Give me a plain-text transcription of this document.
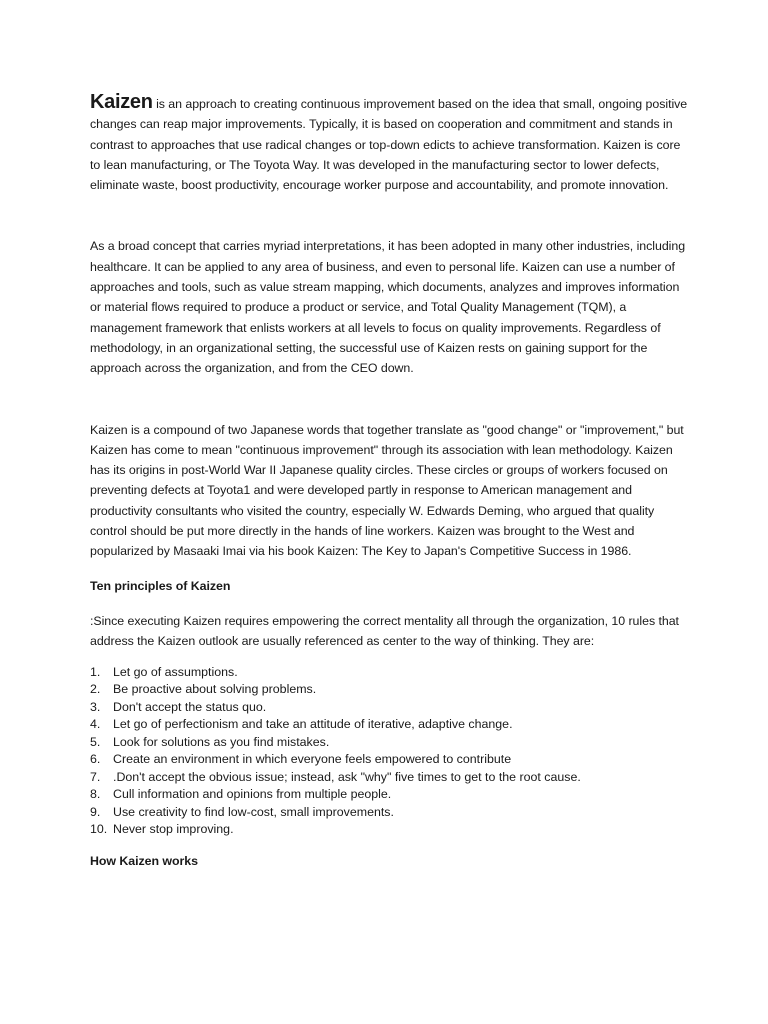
Kaizen is an approach to creating continuous improvement based on the idea that small, ongoing positive changes can reap major improvements. Typically, it is based on cooperation and commitment and stands in contrast to approaches that use radical changes or top-down edicts to achieve transformation. Kaizen is core to lean manufacturing, or The Toyota Way. It was developed in the manufacturing sector to lower defects, eliminate waste, boost productivity, encourage worker purpose and accountability, and promote innovation.

As a broad concept that carries myriad interpretations, it has been adopted in many other industries, including healthcare. It can be applied to any area of business, and even to personal life. Kaizen can use a number of approaches and tools, such as value stream mapping, which documents, analyzes and improves information or material flows required to produce a product or service, and Total Quality Management (TQM), a management framework that enlists workers at all levels to focus on quality improvements. Regardless of methodology, in an organizational setting, the successful use of Kaizen rests on gaining support for the approach across the organization, and from the CEO down.

Kaizen is a compound of two Japanese words that together translate as "good change" or "improvement," but Kaizen has come to mean "continuous improvement" through its association with lean methodology. Kaizen has its origins in post-World War II Japanese quality circles. These circles or groups of workers focused on preventing defects at Toyota1 and were developed partly in response to American management and productivity consultants who visited the country, especially W. Edwards Deming, who argued that quality control should be put more directly in the hands of line workers. Kaizen was brought to the West and popularized by Masaaki Imai via his book Kaizen: The Key to Japan's Competitive Success in 1986.

Ten principles of Kaizen

:Since executing Kaizen requires empowering the correct mentality all through the organization, 10 rules that address the Kaizen outlook are usually referenced as center to the way of thinking. They are:

1.	Let go of assumptions.
2.	Be proactive about solving problems.
3.	Don't accept the status quo.
4.	Let go of perfectionism and take an attitude of iterative, adaptive change.
5.	Look for solutions as you find mistakes.
6.	Create an environment in which everyone feels empowered to contribute
7.	.Don't accept the obvious issue; instead, ask "why" five times to get to the root cause.
8.	Cull information and opinions from multiple people.
9.	Use creativity to find low-cost, small improvements.
10. Never stop improving.

How Kaizen works
